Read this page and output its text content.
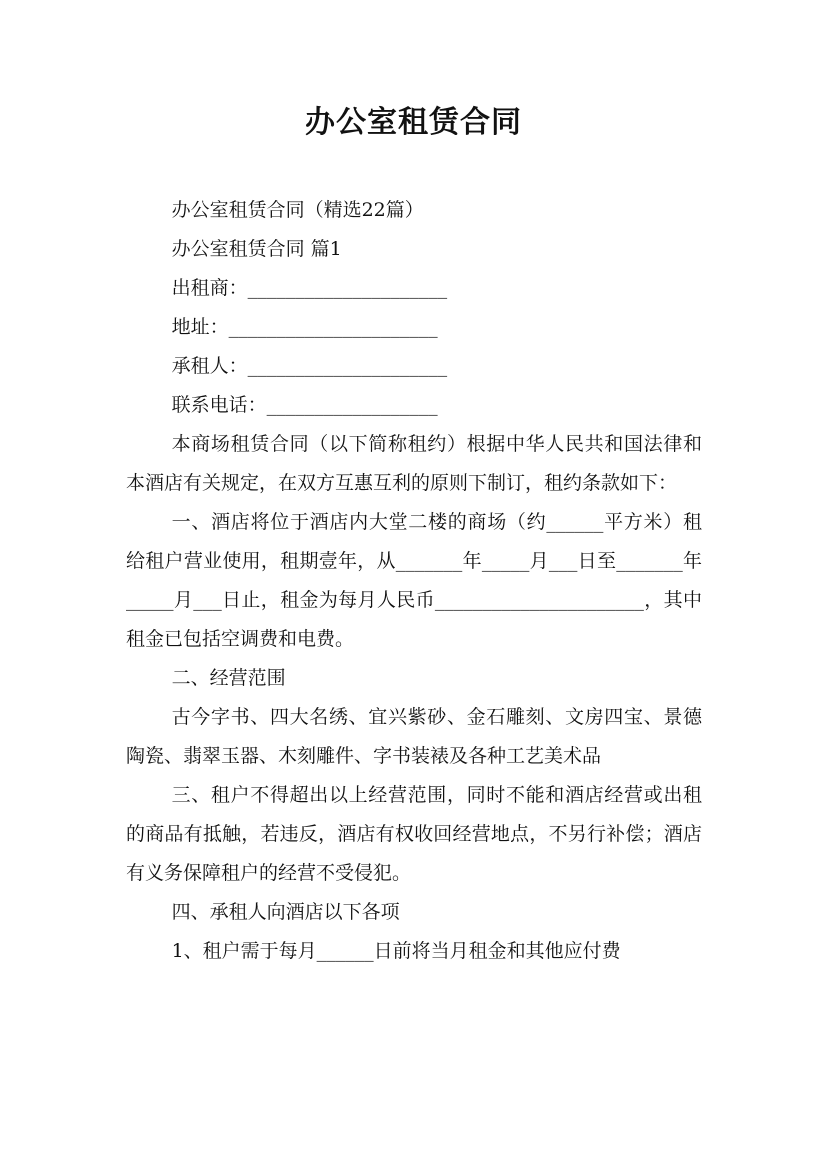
办公室租赁合同

办公室租赁合同（精选22篇）

办公室租赁合同 篇1

出租商：_____________________

地址：______________________

承租人：_____________________

联系电话：__________________

本商场租赁合同（以下简称租约）根据中华人民共和国法律和本酒店有关规定，在双方互惠互利的原则下制订，租约条款如下：

一、酒店将位于酒店内大堂二楼的商场（约______平方米）租给租户营业使用，租期壹年，从_______年_____月___日至_______年_____月___日止，租金为每月人民币______________________，其中租金已包括空调费和电费。

二、经营范围

古今字书、四大名绣、宜兴紫砂、金石雕刻、文房四宝、景德陶瓷、翡翠玉器、木刻雕件、字书装裱及各种工艺美术品

三、租户不得超出以上经营范围，同时不能和酒店经营或出租的商品有抵触，若违反，酒店有权收回经营地点，不另行补偿；酒店有义务保障租户的经营不受侵犯。

四、承租人向酒店以下各项

1、租户需于每月______日前将当月租金和其他应付费
